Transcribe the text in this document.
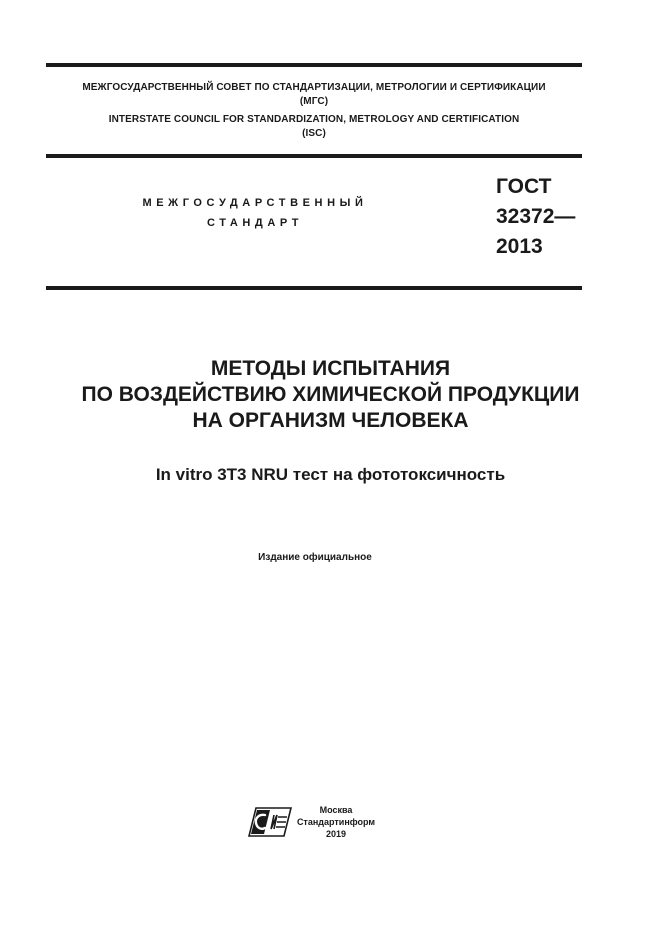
МЕЖГОСУДАРСТВЕННЫЙ СОВЕТ ПО СТАНДАРТИЗАЦИИ, МЕТРОЛОГИИ И СЕРТИФИКАЦИИ
(МГС)
INTERSTATE COUNCIL FOR STANDARDIZATION, METROLOGY AND CERTIFICATION
(ISC)
МЕЖГОСУДАРСТВЕННЫЙ
СТАНДАРТ
ГОСТ
32372—
2013
МЕТОДЫ ИСПЫТАНИЯ
ПО ВОЗДЕЙСТВИЮ ХИМИЧЕСКОЙ ПРОДУКЦИИ
НА ОРГАНИЗМ ЧЕЛОВЕКА
In vitro 3T3 NRU тест на фототоксичность
Издание официальное
Москва
Стандартинформ
2019
